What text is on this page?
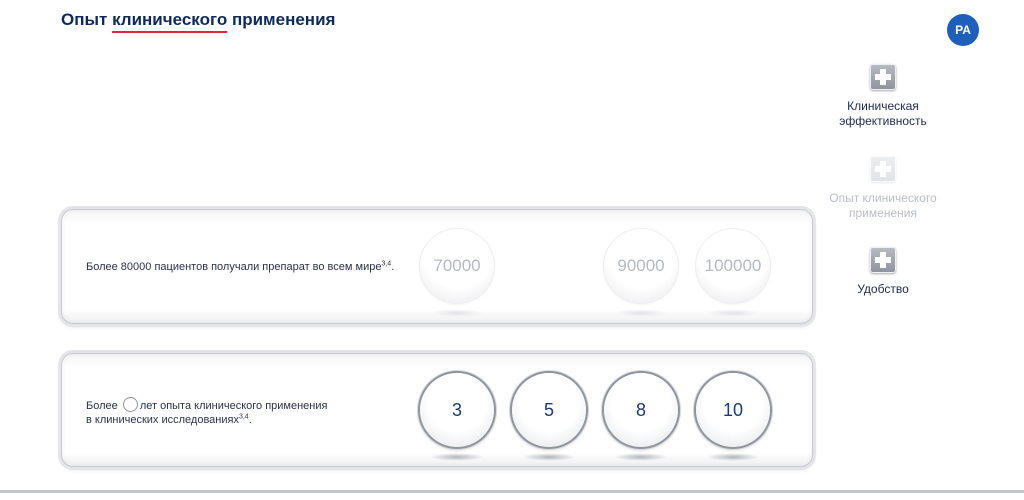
Опыт клинического применения
PA
Клиническая эффективность
Опыт клинического применения
Удобство
Более 80000 пациентов получали препарат во всем мире$^{3,4}$.	70000	90000	100000
Более лет опыта клинического применения
в клинических исследованиях$^{3,4}$.
3	5	8	10
